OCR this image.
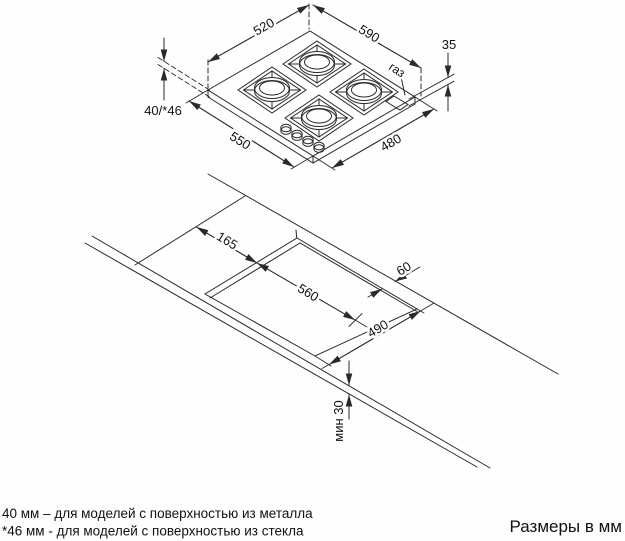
520	590	35
газ
40/*46
550	480
165
560
60
490
мин 30
40 мм – для моделей с поверхностью из металла
*46 мм - для моделей с поверхностью из стекла	Размеры в мм
